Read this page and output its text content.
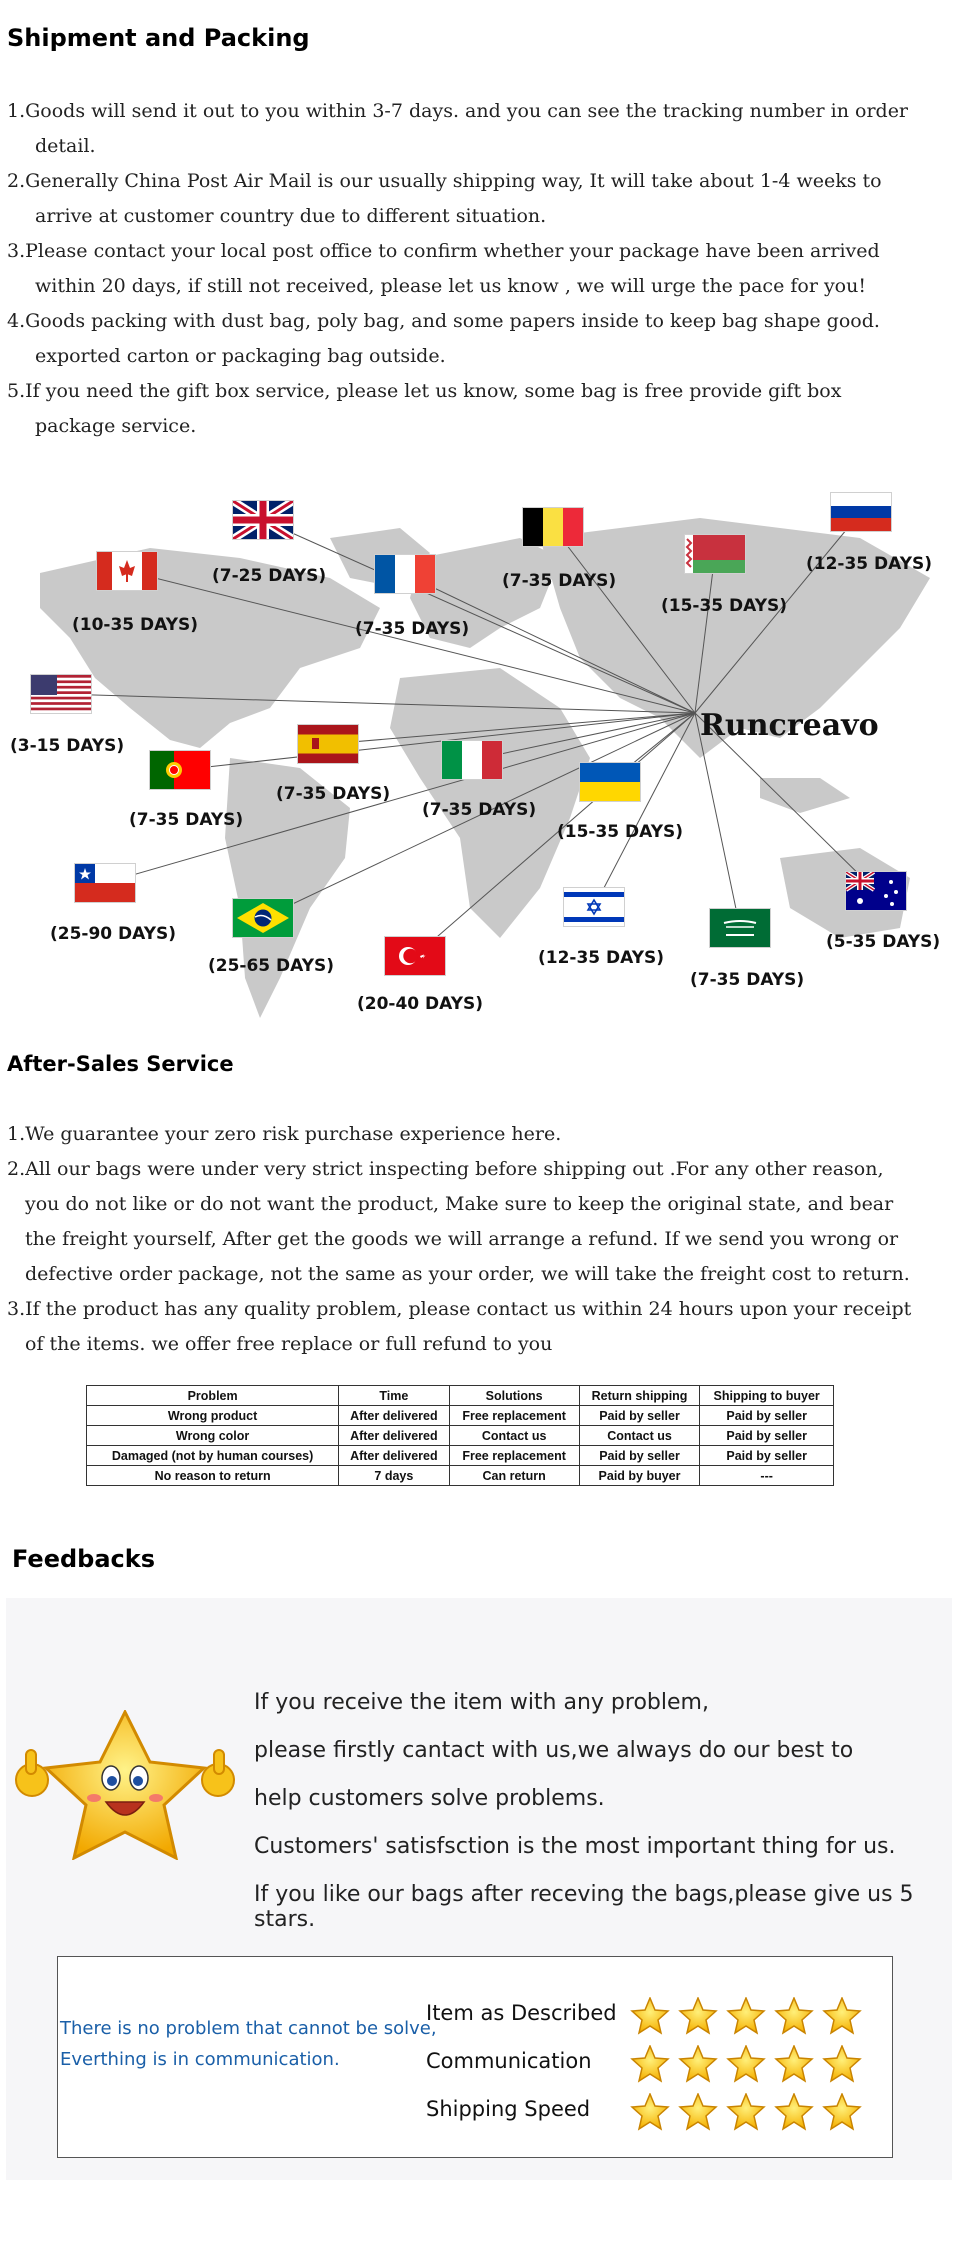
Shipment and Packing

1.Goods will send it out to you within 3-7 days. and you can see the tracking number in order

detail.

2.Generally China Post Air Mail is our usually shipping way, It will take about 1-4 weeks to

arrive at customer country due to different situation.

3.Please contact your local post office to confirm whether your package have been arrived

within 20 days, if still not received, please let us know , we will urge the pace for you!

4.Goods packing with dust bag, poly bag, and some papers inside to keep bag shape good.

exported carton or packaging bag outside.

5.If you need the gift box service, please let us know, some bag is free provide gift box

package service.

Runcreavo
(7-25 DAYS)
(10-35 DAYS)	(7-35 DAYS)
(7-35 DAYS)
(15-35 DAYS)
(12-35 DAYS)
(3-15 DAYS)
(7-35 DAYS)
(7-35 DAYS)
(7-35 DAYS)
(15-35 DAYS)
(25-90 DAYS)
(25-65 DAYS)
(20-40 DAYS)
(12-35 DAYS)
(7-35 DAYS)
(5-35 DAYS)
After-Sales Service

1.We guarantee your zero risk purchase experience here.

2.All our bags were under very strict inspecting before shipping out .For any other reason,

you do not like or do not want the product, Make sure to keep the original state, and bear

the freight yourself, After get the goods we will arrange a refund. If we send you wrong or

defective order package, not the same as your order, we will take the freight cost to return.

3.If the product has any quality problem, please contact us within 24 hours upon your receipt

of the items. we offer free replace or full refund to you

Problem	Time	Solutions	Return shipping	Shipping to buyer
Wrong product	After delivered	Free replacement	Paid by seller	Paid by seller
Wrong color	After delivered	Contact us	Contact us	Paid by seller
Damaged (not by human courses)	After delivered	Free replacement	Paid by seller	Paid by seller
No reason to return	7 days	Can return	Paid by buyer	---
Feedbacks
If you receive the item with any problem,
please firstly cantact with us,we always do our best to
help customers solve problems.
Customers' satisfsction is the most important thing for us.
If you like our bags after receving the bags,please give us 5 stars.
There is no problem that cannot be solve,
Everthing is in communication.
Item as Described
Communication
Shipping Speed
